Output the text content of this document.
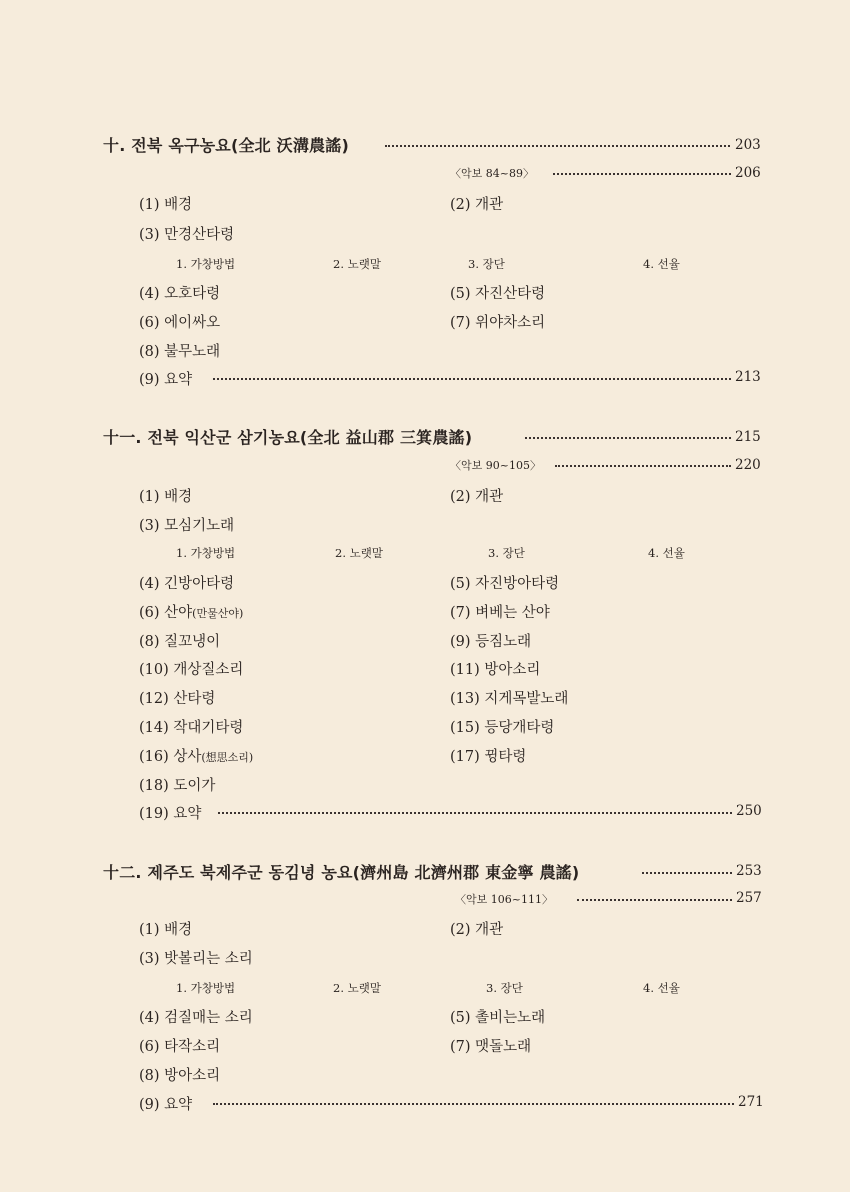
十. 전북 옥구농요(全北 沃溝農謠)	203
〈악보 84~89〉	206
(1) 배경	(2) 개관
(3) 만경산타령
1. 가창방법	2. 노랫말	3. 장단	4. 선율
(4) 오호타령	(5) 자진산타령
(6) 에이싸오	(7) 위야차소리
(8) 불무노래
(9) 요약	213
十一. 전북 익산군 삼기농요(全北 益山郡 三箕農謠)	215
〈악보 90~105〉	220
(1) 배경	(2) 개관
(3) 모심기노래
1. 가창방법	2. 노랫말	3. 장단	4. 선율
(4) 긴방아타령	(5) 자진방아타령
(6) 산야(만물산야)	(7) 벼베는 산야
(8) 질꼬냉이	(9) 등짐노래
(10) 개상질소리	(11) 방아소리
(12) 산타령	(13) 지게목발노래
(14) 작대기타령	(15) 등당개타령
(16) 상사(想思소리)	(17) 뀡타령
(18) 도이가
(19) 요약	250
十二. 제주도 북제주군 동김녕 농요(濟州島 北濟州郡 東金寧 農謠)	253
〈악보 106~111〉	257
(1) 배경	(2) 개관
(3) 밧볼리는 소리
1. 가창방법	2. 노랫말	3. 장단	4. 선율
(4) 검질매는 소리	(5) 촐비는노래
(6) 타작소리	(7) 맷돌노래
(8) 방아소리
(9) 요약	271
